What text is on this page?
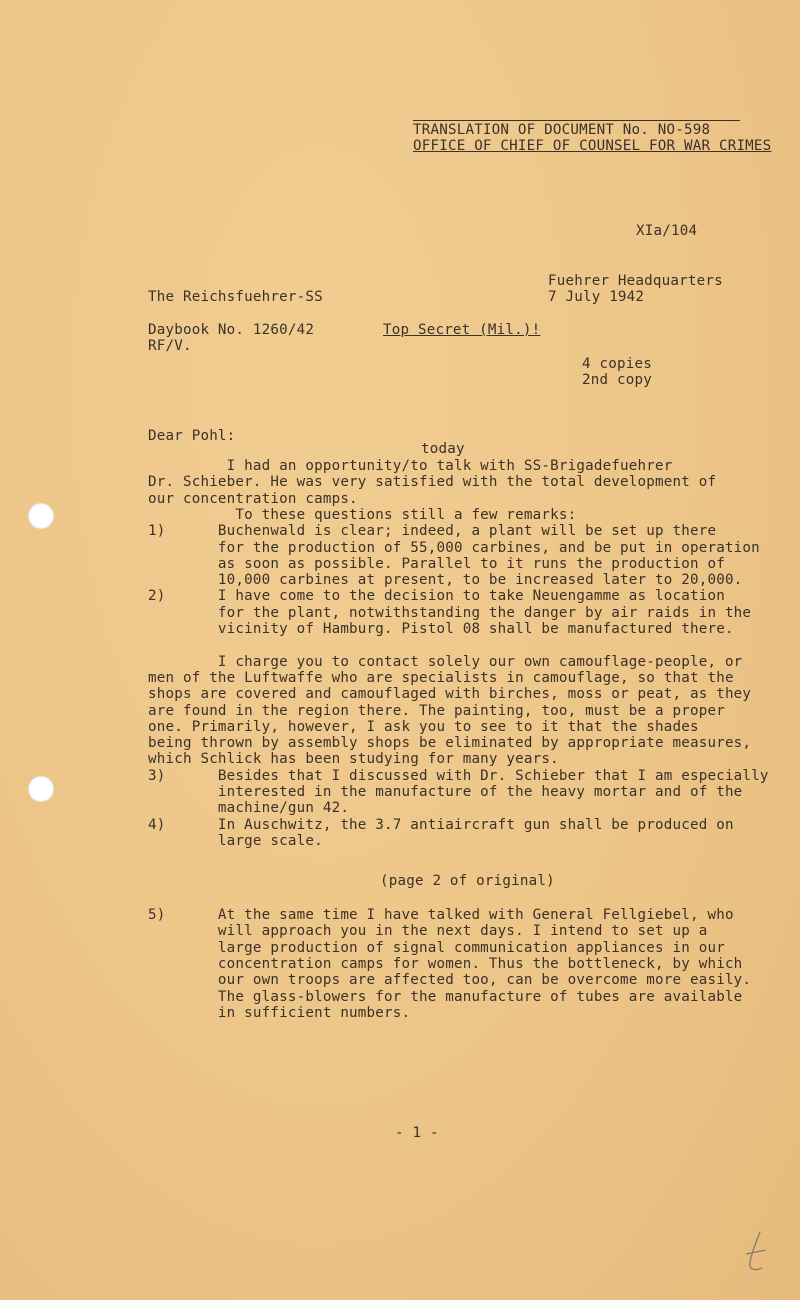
TRANSLATION OF DOCUMENT No. NO-598
OFFICE OF CHIEF OF COUNSEL FOR WAR CRIMES
XIa/104
Fuehrer Headquarters
7 July 1942
The Reichsfuehrer-SS
Daybook No. 1260/42
RF/V.
Top Secret (Mil.)!
4 copies
2nd copy
Dear Pohl:
today
I had an opportunity/to talk with SS-Brigadefuehrer
Dr. Schieber. He was very satisfied with the total development of
our concentration camps.
To these questions still a few remarks:
1)      Buchenwald is clear; indeed, a plant will be set up there
for the production of 55,000 carbines, and be put in operation
as soon as possible. Parallel to it runs the production of
10,000 carbines at present, to be increased later to 20,000.
2)      I have come to the decision to take Neuengamme as location
for the plant, notwithstanding the danger by air raids in the
vicinity of Hamburg. Pistol 08 shall be manufactured there.
I charge you to contact solely our own camouflage-people, or
men of the Luftwaffe who are specialists in camouflage, so that the
shops are covered and camouflaged with birches, moss or peat, as they
are found in the region there. The painting, too, must be a proper
one. Primarily, however, I ask you to see to it that the shades
being thrown by assembly shops be eliminated by appropriate measures,
which Schlick has been studying for many years.
3)      Besides that I discussed with Dr. Schieber that I am especially
interested in the manufacture of the heavy mortar and of the
machine/gun 42.
4)      In Auschwitz, the 3.7 antiaircraft gun shall be produced on
large scale.
(page 2 of original)
5)      At the same time I have talked with General Fellgiebel, who
will approach you in the next days. I intend to set up a
large production of signal communication appliances in our
concentration camps for women. Thus the bottleneck, by which
our own troops are affected too, can be overcome more easily.
The glass-blowers for the manufacture of tubes are available
in sufficient numbers.
- 1 -
